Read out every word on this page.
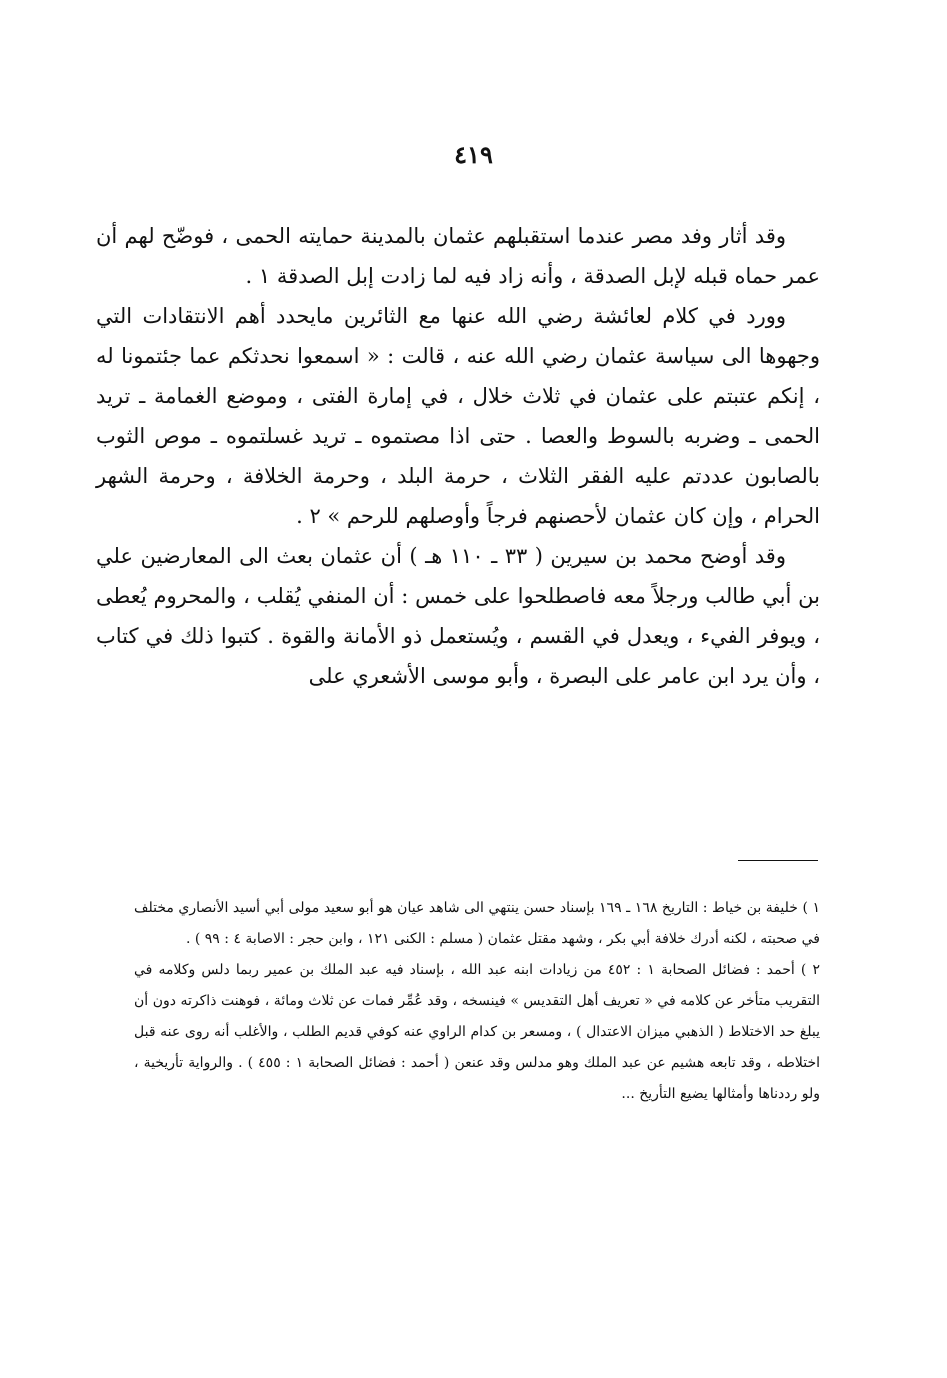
٤١٩

وقد أثار وفد مصر عندما استقبلهم عثمان بالمدينة حمايته الحمى ، فوضّح لهم أن عمر حماه قبله لإبل الصدقة ، وأنه زاد فيه لما زادت إبل الصدقة ١ .

وورد في كلام لعائشة رضي الله عنها مع الثائرين مايحدد أهم الانتقادات التي وجهوها الى سياسة عثمان رضي الله عنه ، قالت : « اسمعوا نحدثكم عما جئتمونا له ، إنكم عتبتم على عثمان في ثلاث خلال ، في إمارة الفتى ، وموضع الغمامة ـ تريد الحمى ـ وضربه بالسوط والعصا . حتى اذا مصتموه ـ تريد غسلتموه ـ موص الثوب بالصابون عددتم عليه الفقر الثلاث ، حرمة البلد ، وحرمة الخلافة ، وحرمة الشهر الحرام ، وإن كان عثمان لأحصنهم فرجاً وأوصلهم للرحم » ٢ .

وقد أوضح محمد بن سيرين ( ٣٣ ـ ١١٠ هـ ) أن عثمان بعث الى المعارضين علي بن أبي طالب ورجلاً معه فاصطلحوا على خمس : أن المنفي يُقلب ، والمحروم يُعطى ، ويوفر الفيء ، ويعدل في القسم ، ويُستعمل ذو الأمانة والقوة . كتبوا ذلك في كتاب ، وأن يرد ابن عامر على البصرة ، وأبو موسى الأشعري على

١ ) خليفة بن خياط : التاريخ ١٦٨ ـ ١٦٩ بإسناد حسن ينتهي الى شاهد عيان هو أبو سعيد مولى أبي أسيد الأنصاري مختلف في صحبته ، لكنه أدرك خلافة أبي بكر ، وشهد مقتل عثمان ( مسلم : الكنى ١٢١ ، وابن حجر : الاصابة ٤ : ٩٩ ) .

٢ ) أحمد : فضائل الصحابة ١ : ٤٥٢ من زيادات ابنه عبد الله ، بإسناد فيه عبد الملك بن عمير ربما دلس وكلامه في التقريب متأخر عن كلامه في « تعريف أهل التقديس » فينسخه ، وقد عُمِّر فمات عن ثلاث ومائة ، فوهنت ذاكرته دون أن يبلغ حد الاختلاط ( الذهبي ميزان الاعتدال ) ، ومسعر بن كدام الراوي عنه كوفي قديم الطلب ، والأغلب أنه روى عنه قبل اختلاطه ، وقد تابعه هشيم عن عبد الملك وهو مدلس وقد عنعن ( أحمد : فضائل الصحابة ١ : ٤٥٥ ) . والرواية تأريخية ، ولو رددناها وأمثالها يضيع التأريخ ...
